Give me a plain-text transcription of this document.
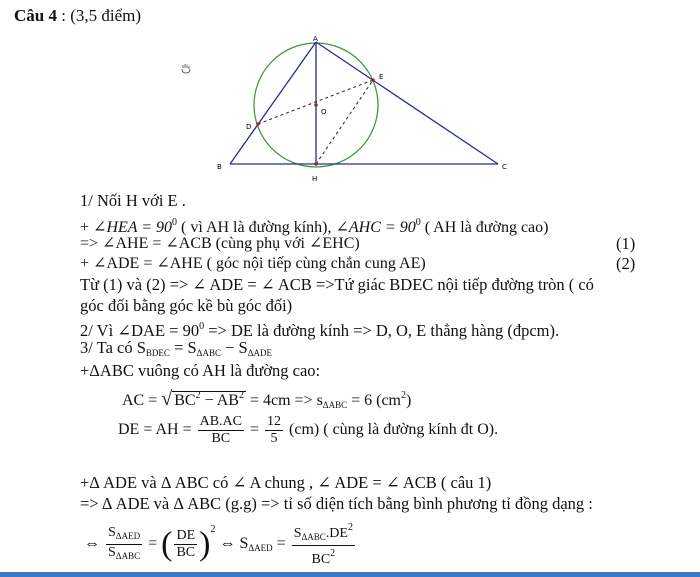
Câu 4 : (3,5 điểm)
A
B	C
D
E
O
H
1/ Nối H với E .
+ ∠HEA = $90^0$ ( vì AH là đường kính), ∠AHC = $90^0$ ( AH là đường cao)
=> ∠AHE = ∠ACB (cùng phụ với ∠EHC)	(1)
+ ∠ADE = ∠AHE ( góc nội tiếp cùng chắn cung AE)	(2)
Từ (1) và (2) => ∠ ADE = ∠ ACB =>Tứ giác BDEC nội tiếp đường tròn ( có
góc đối bằng góc kề bù góc đối)
2/ Vì ∠DAE = $90^0$ => DE là đường kính => D, O, E thẳng hàng (đpcm).
3/ Ta có $S_{BDEC} = S_{\Delta ABC} - S_{\Delta ADE}$
+ΔABC vuông có AH là đường cao:
AC = √ $BC^2 - AB^2 = 4cm => s_{\Delta ABC} = 6$ $(cm^2)$
DE = AH = $\frac{AB.AC}{BC} = \frac{12}{5} (cm)$ ( cùng là đường kính đt O).
+Δ ADE và Δ ABC có ∠ A chung , ∠ ADE = ∠ ACB ( câu 1)
=> Δ ADE và Δ ABC (g.g) => tỉ số diện tích bằng bình phương tỉ đồng dạng :
⇔ $\frac{S_{\Delta AED}}{S_{\Delta ABC}}$ = ( $\frac{DE}{BC} )^2$ ⇔ $S_{\Delta AED} = \frac{S_{\Delta ABC}.DE^2}{BC^2}$
